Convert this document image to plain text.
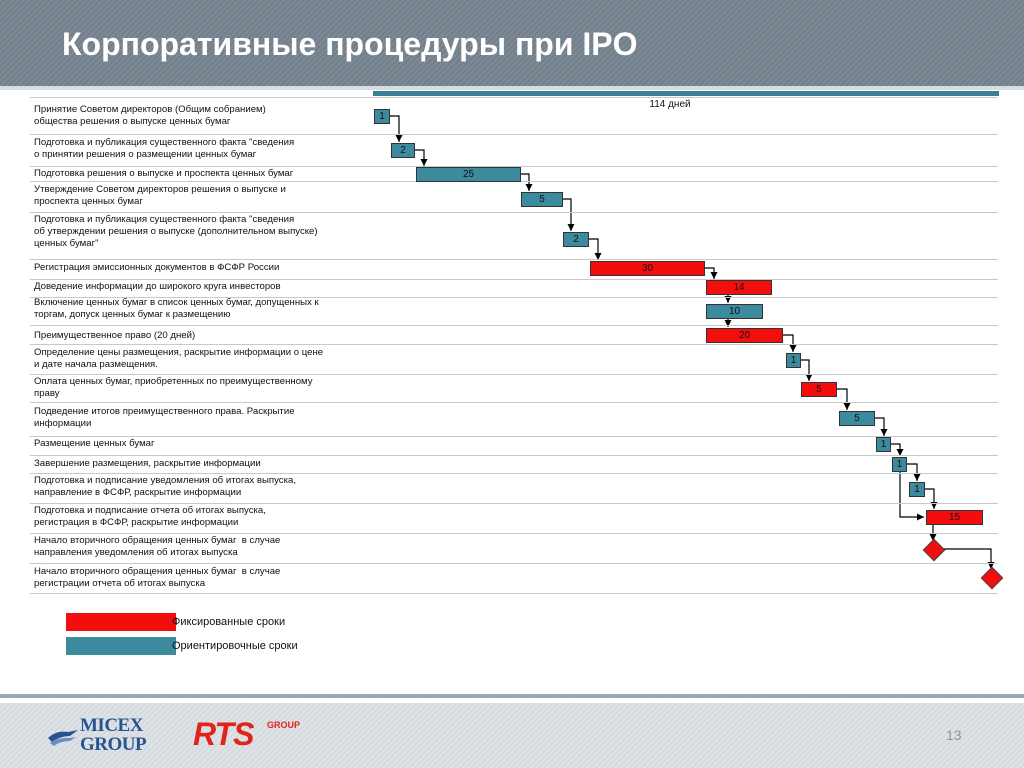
Корпоративные процедуры при IPO
114 дней
Принятие Советом директоров (Общим собранием)
общества решения о выпуске ценных бумаг	1
Подготовка и публикация существенного факта "сведения
о принятии решения о размещении ценных бумаг	2
Подготовка решения о выпуске и проспекта ценных бумаг	25
Утверждение Советом директоров решения о выпуске и
проспекта ценных бумаг	5
Подготовка и публикация существенного факта "сведения
об утверждении решения о выпуске (дополнительном выпуске)
ценных бумаг"	2
Регистрация эмиссионных документов в ФСФР России	30
Доведение информации до широкого круга инвесторов	14
Включение ценных бумаг в список ценных бумаг, допущенных к
торгам, допуск ценных бумаг к размещению	10
Преимущественное право (20 дней)	20
Определение цены размещения, раскрытие информации о цене
и дате начала размещения.	1
Оплата ценных бумаг, приобретенных по преимущественному
праву	5
Подведение итогов преимущественного права. Раскрытие
информации	5
Размещение ценных бумаг	1
Завершение размещения, раскрытие информации	1
Подготовка и подписание уведомления об итогах выпуска,
направление в ФСФР, раскрытие информации	1
Подготовка и подписание отчета об итогах выпуска,
регистрация в ФСФР, раскрытие информации	15
Начало вторичного обращения ценных бумаг  в случае
направления уведомления об итогах выпуска
Начало вторичного обращения ценных бумаг  в случае
регистрации отчета об итогах выпуска
Фиксированные сроки
Ориентировочные сроки
MICEX
GROUP RTS GROUP
13
